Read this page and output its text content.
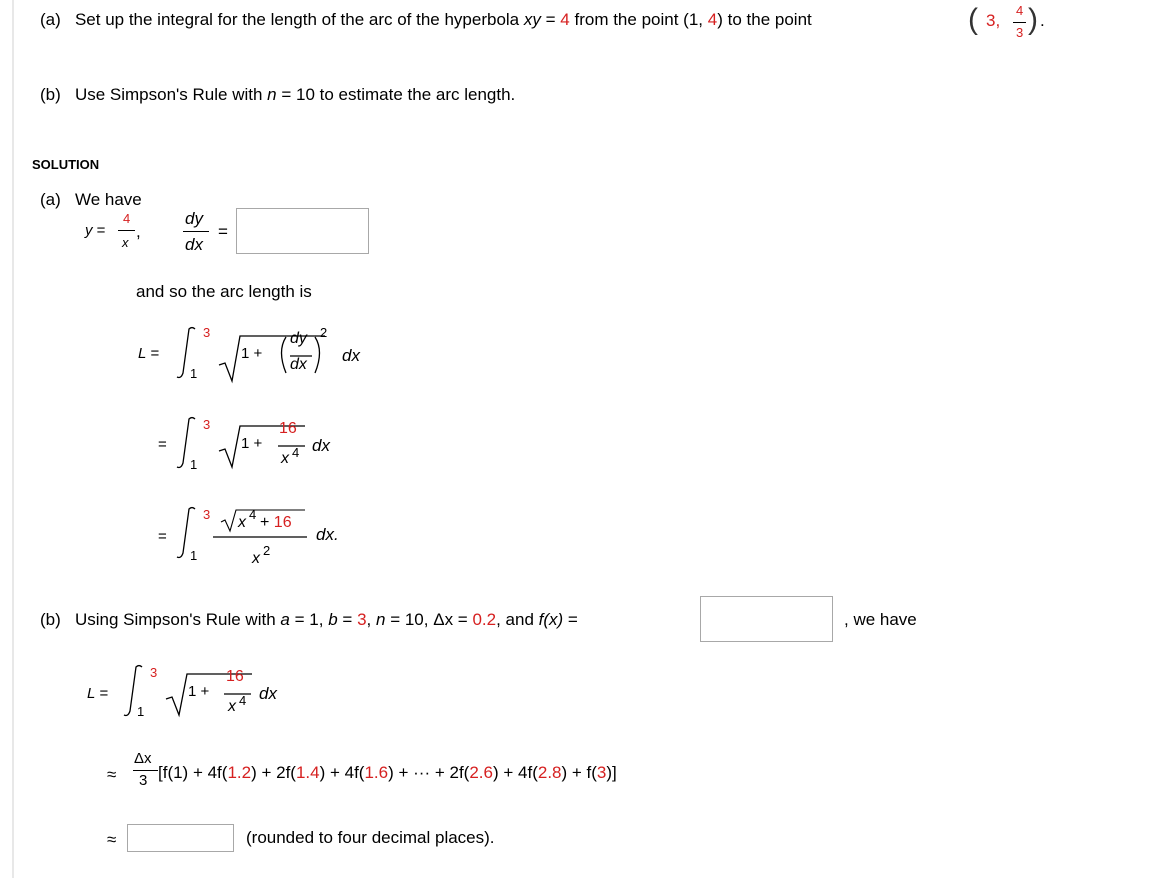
(a) Set up the integral for the length of the arc of the hyperbola xy = 4 from the point (1, 4) to the point	( 3,
4
3 ) .
(b) Use Simpson's Rule with n = 10 to estimate the arc length.
SOLUTION
(a) We have
y =
4
x
,
dy
dx
=
and so the arc length is
L =
3
1
1 +
dy
dx
2
dx
=
3
1
1 +
16
x 4 dx
=
3
1
x 4 + 16
x 2
dx.
(b) Using Simpson's Rule with a = 1, b = 3, n = 10, Δx = 0.2, and f(x) =	, we have
L =
3
1
1 +
16
x 4 dx
≈
Δx
3 [f(1) + 4f(1.2) + 2f(1.4) + 4f(1.6) + ··· + 2f(2.6) + 4f(2.8) + f(3)]
≈	(rounded to four decimal places).
